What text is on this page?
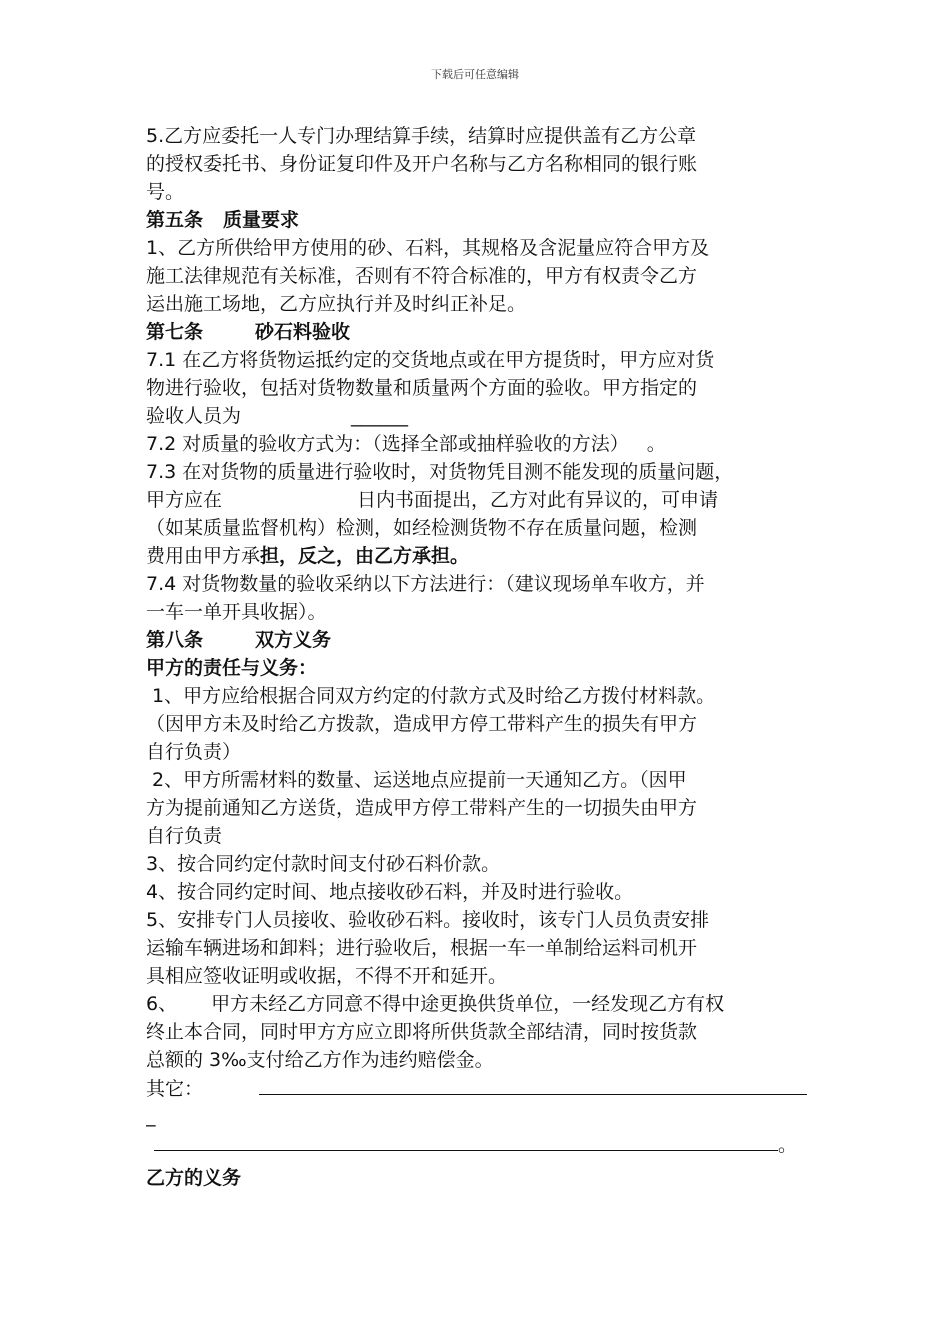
下载后可任意编辑
5.乙方应委托一人专门办理结算手续，结算时应提供盖有乙方公章
的授权委托书、身份证复印件及开户名称与乙方名称相同的银行账
号。
第五条 质量要求
1、乙方所供给甲方使用的砂、石料，其规格及含泥量应符合甲方及
施工法律规范有关标准，否则有不符合标准的，甲方有权责令乙方
运出施工场地，乙方应执行并及时纠正补足。
第七条	砂石料验收
7.1 在乙方将货物运抵约定的交货地点或在甲方提货时，甲方应对货
物进行验收，包括对货物数量和质量两个方面的验收。甲方指定的
验收人员为	______
7.2 对质量的验收方式为：（选择全部或抽样验收的方法） 。
7.3 在对货物的质量进行验收时，对货物凭目测不能发现的质量问题，
甲方应在	日内书面提出，乙方对此有异议的，可申请
（如某质量监督机构）检测，如经检测货物不存在质量问题，检测
费用由甲方承担，反之，由乙方承担。
7.4 对货物数量的验收采纳以下方法进行：（建议现场单车收方，并
一车一单开具收据）。
第八条	双方义务
甲方的责任与义务：
1、甲方应给根据合同双方约定的付款方式及时给乙方拨付材料款。
（因甲方未及时给乙方拨款，造成甲方停工带料产生的损失有甲方
自行负责）
2、甲方所需材料的数量、运送地点应提前一天通知乙方。（因甲
方为提前通知乙方送货，造成甲方停工带料产生的一切损失由甲方
自行负责
3、按合同约定付款时间支付砂石料价款。
4、按合同约定时间、地点接收砂石料，并及时进行验收。
5、安排专门人员接收、验收砂石料。接收时，该专门人员负责安排
运输车辆进场和卸料；进行验收后，根据一车一单制给运料司机开
具相应签收证明或收据，不得不开和延开。
6、 甲方未经乙方同意不得中途更换供货单位，一经发现乙方有权
终止本合同，同时甲方方应立即将所供货款全部结清，同时按货款
总额的 3‰支付给乙方作为违约赔偿金。
其它：
_
。
乙方的义务
